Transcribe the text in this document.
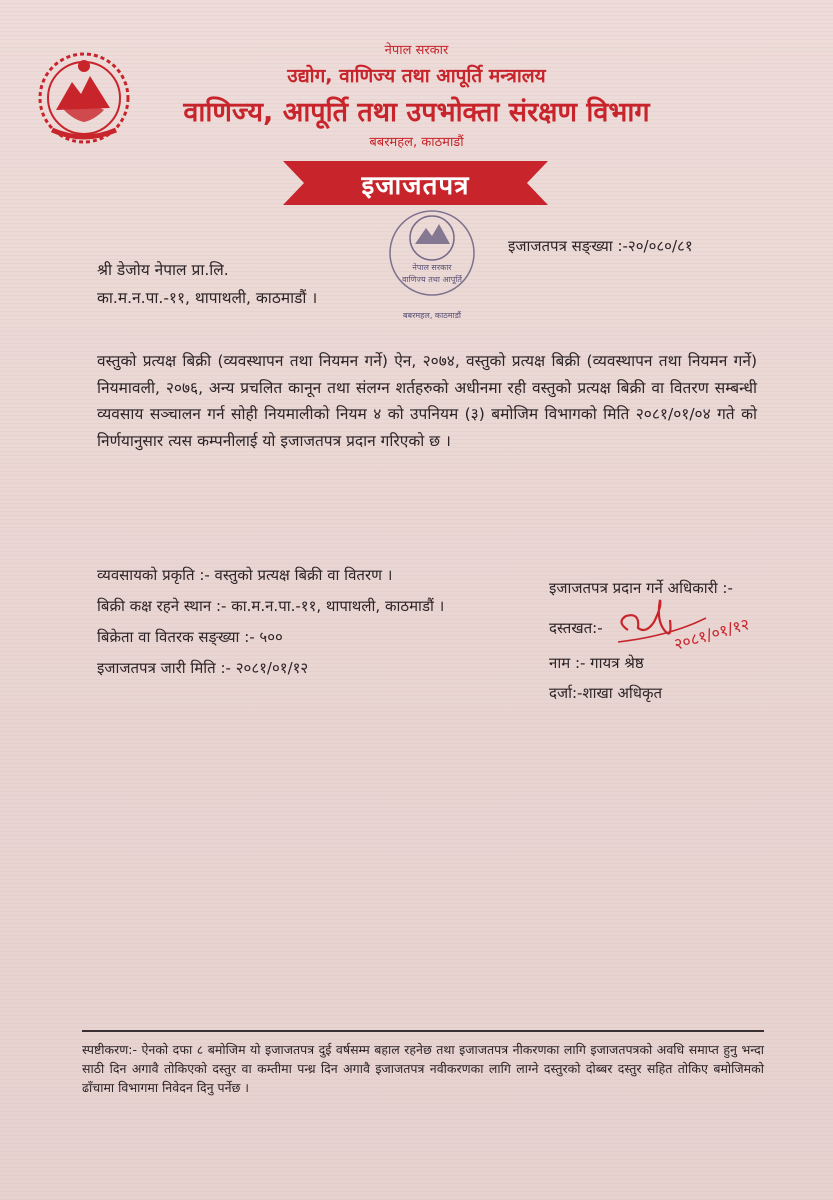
नेपाल सरकार
उद्योग, वाणिज्य तथा आपूर्ति मन्त्रालय
वाणिज्य, आपूर्ति तथा उपभोक्ता संरक्षण विभाग
बबरमहल, काठमाडौं
इजाजतपत्र
नेपाल सरकार
वाणिज्य तथा आपूर्ति
बबरमहल, काठमाडौं
इजाजतपत्र सङ्ख्या :-२०/०८०/८१
श्री डेजोय नेपाल प्रा.लि.
का.म.न.पा.-११, थापाथली, काठमाडौं ।
वस्तुको प्रत्यक्ष बिक्री (व्यवस्थापन तथा नियमन गर्ने) ऐन, २०७४, वस्तुको प्रत्यक्ष बिक्री (व्यवस्थापन तथा नियमन गर्ने) नियमावली, २०७६, अन्य प्रचलित कानून तथा संलग्न शर्तहरुको अधीनमा रही वस्तुको प्रत्यक्ष बिक्री वा वितरण सम्बन्धी व्यवसाय सञ्चालन गर्न सोही नियमालीको नियम ४ को उपनियम (३) बमोजिम विभागको मिति २०८१/०१/०४ गते को निर्णयानुसार त्यस कम्पनीलाई यो इजाजतपत्र प्रदान गरिएको छ ।
व्यवसायको प्रकृति :- वस्तुको प्रत्यक्ष बिक्री वा वितरण ।
बिक्री कक्ष रहने स्थान :- का.म.न.पा.-११, थापाथली, काठमाडौं ।
बिक्रेता वा वितरक सङ्ख्या :- ५००
इजाजतपत्र जारी मिति :- २०८१/०१/१२
इजाजतपत्र प्रदान गर्ने अधिकारी :-
दस्तखत:-
नाम :- गायत्र श्रेष्ठ
दर्जा:-शाखा अधिकृत
२०८१/०१/१२
स्पष्टीकरण:- ऐनको दफा ८ बमोजिम यो इजाजतपत्र दुई वर्षसम्म बहाल रहनेछ तथा इजाजतपत्र नीकरणका लागि इजाजतपत्रको अवधि समाप्त हुनु भन्दा साठी दिन अगावै तोकिएको दस्तुर वा कम्तीमा पन्ध्र दिन अगावै इजाजतपत्र नवीकरणका लागि लाग्ने दस्तुरको दोब्बर दस्तुर सहित तोकिए बमोजिमको ढाँचामा विभागमा निवेदन दिनु पर्नेछ ।
